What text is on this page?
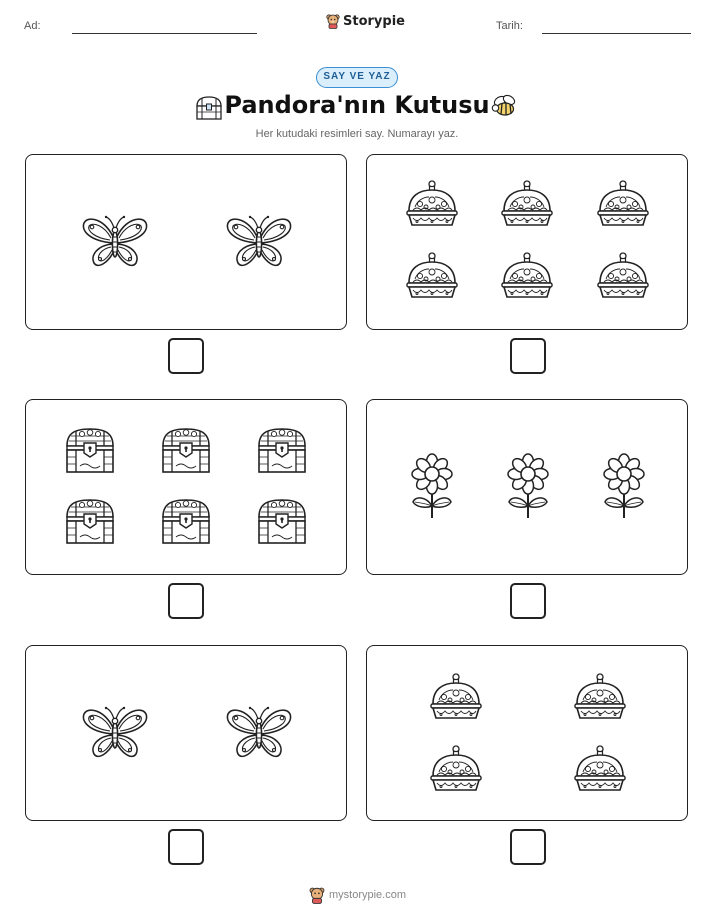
Ad:	Storypie	Tarih:
SAY VE YAZ
Pandora'nın Kutusu
Her kutudaki resimleri say. Numarayı yaz.
mystorypie.com
